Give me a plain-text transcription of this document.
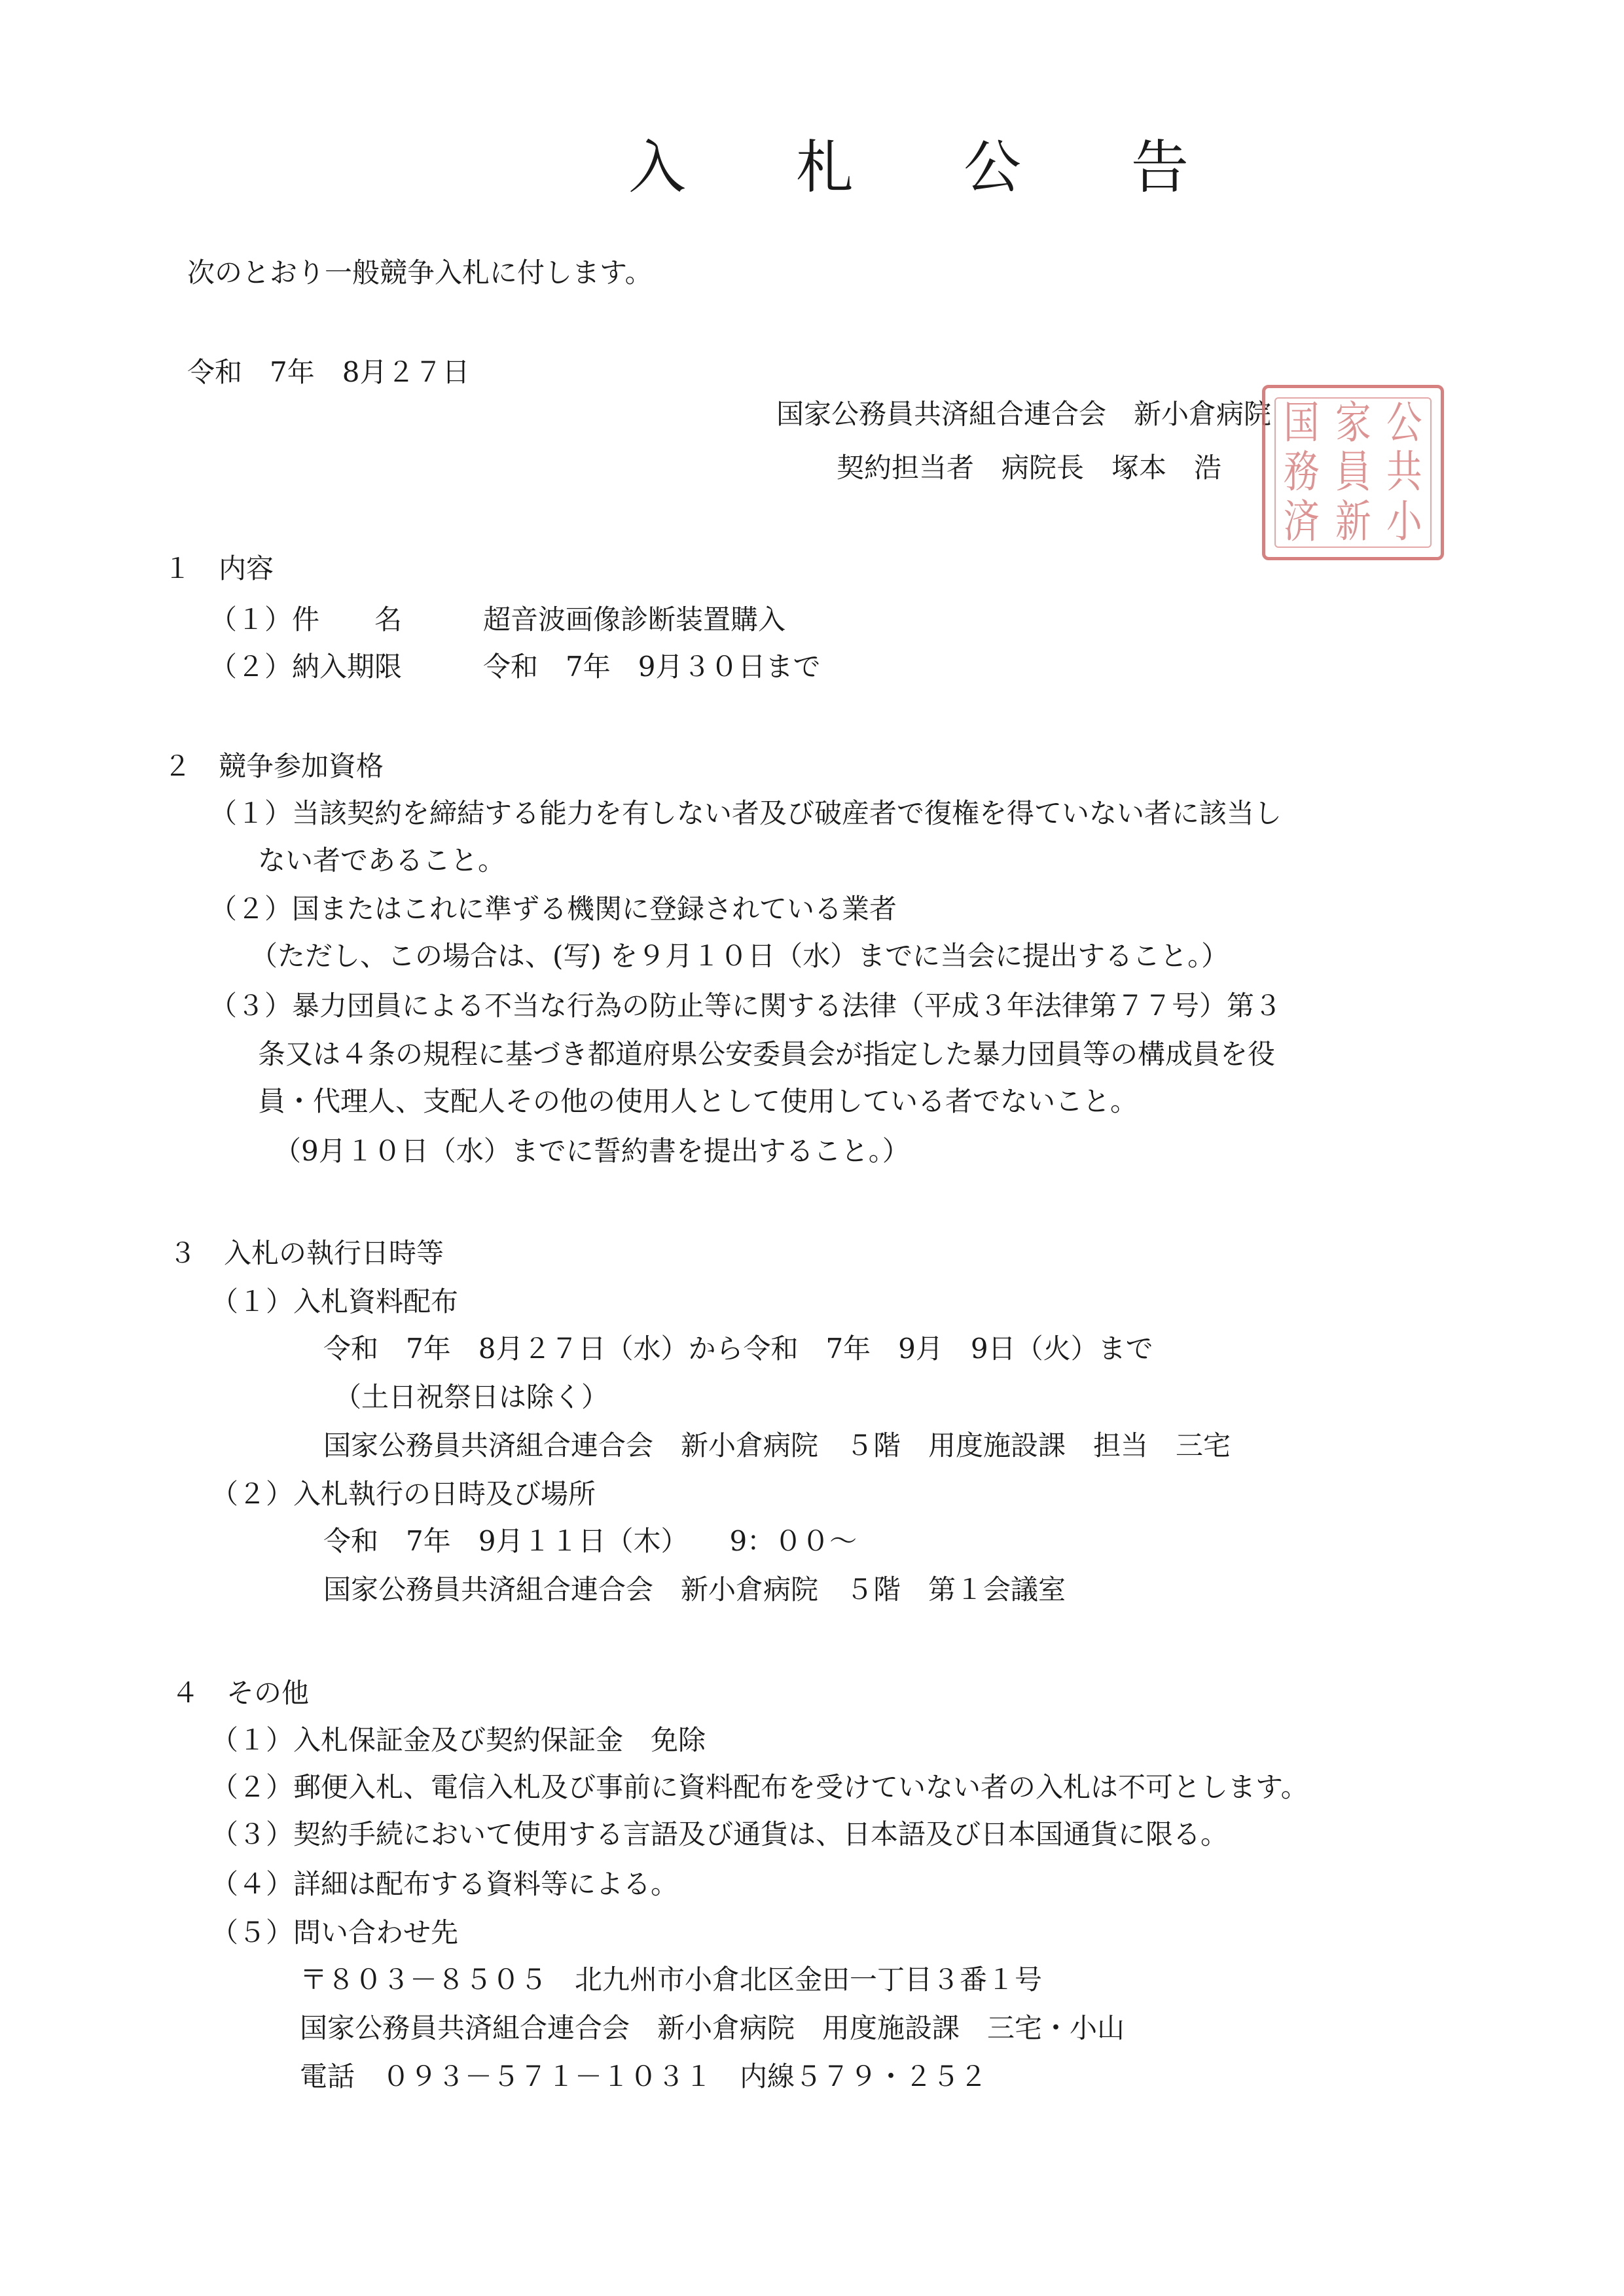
入 札 公 告
次のとおり一般競争入札に付します。
令和　7年　8月２７日
国家公務員共済組合連合会　新小倉病院
契約担当者　病院長　塚本　浩
国 家 公
務 員 共
済 新 小
１　内容
（１）件　　名	超音波画像診断装置購入
（２）納入期限	令和　7年　9月３０日まで
２　競争参加資格
（１）当該契約を締結する能力を有しない者及び破産者で復権を得ていない者に該当し
ない者であること。
（２）国またはこれに準ずる機関に登録されている業者
（ただし、この場合は、(写) を９月１０日（水）までに当会に提出すること。）
（３）暴力団員による不当な行為の防止等に関する法律（平成３年法律第７７号）第３
条又は４条の規程に基づき都道府県公安委員会が指定した暴力団員等の構成員を役
員・代理人、支配人その他の使用人として使用している者でないこと。
（9月１０日（水）までに誓約書を提出すること。）
３　入札の執行日時等
（１）入札資料配布
令和　7年　8月２７日（水）から令和　7年　9月　9日（火）まで
（土日祝祭日は除く）
国家公務員共済組合連合会　新小倉病院　５階　用度施設課　担当　三宅
（２）入札執行の日時及び場所
令和　7年　9月１１日（木）　　9：００～
国家公務員共済組合連合会　新小倉病院　５階　第１会議室
４　その他
（１）入札保証金及び契約保証金　免除
（２）郵便入札、電信入札及び事前に資料配布を受けていない者の入札は不可とします。
（３）契約手続において使用する言語及び通貨は、日本語及び日本国通貨に限る。
（４）詳細は配布する資料等による。
（５）問い合わせ先
〒８０３－８５０５　北九州市小倉北区金田一丁目３番１号
国家公務員共済組合連合会　新小倉病院　用度施設課　三宅・小山
電話　０９３－５７１－１０３１　内線５７９・２５２
